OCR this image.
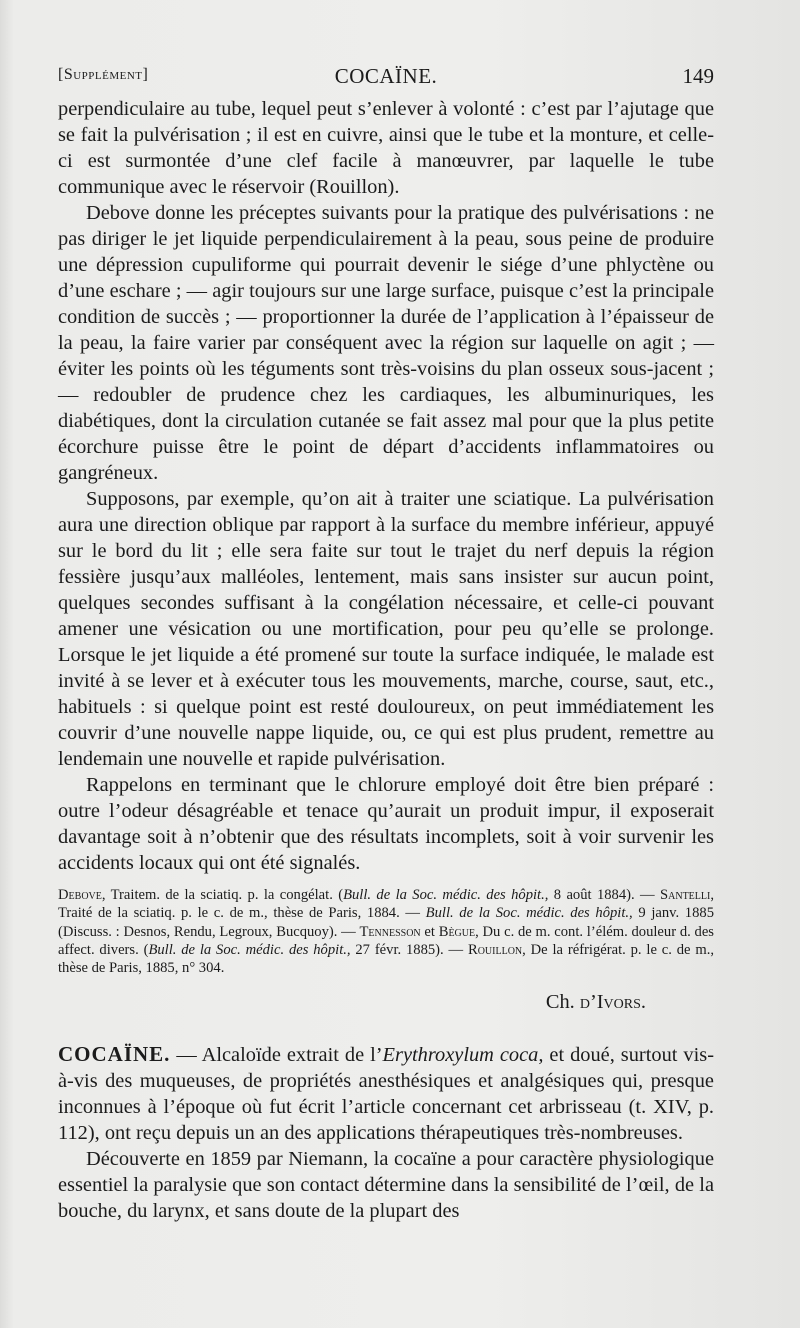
[Supplément]	COCAÏNE.	149

perpendiculaire au tube, lequel peut s’enlever à volonté : c’est par l’ajutage que se fait la pulvérisation ; il est en cuivre, ainsi que le tube et la monture, et celle-ci est surmontée d’une clef facile à manœuvrer, par laquelle le tube communique avec le réservoir (Rouillon).

Debove donne les préceptes suivants pour la pratique des pulvérisations : ne pas diriger le jet liquide perpendiculairement à la peau, sous peine de produire une dépression cupuliforme qui pourrait devenir le siége d’une phlyctène ou d’une eschare ; — agir toujours sur une large surface, puisque c’est la principale condition de succès ; — proportionner la durée de l’application à l’épaisseur de la peau, la faire varier par conséquent avec la région sur laquelle on agit ; — éviter les points où les téguments sont très-voisins du plan osseux sous-jacent ; — redoubler de prudence chez les cardiaques, les albuminuriques, les diabétiques, dont la circulation cutanée se fait assez mal pour que la plus petite écorchure puisse être le point de départ d’accidents inflammatoires ou gangréneux.

Supposons, par exemple, qu’on ait à traiter une sciatique. La pulvérisation aura une direction oblique par rapport à la surface du membre inférieur, appuyé sur le bord du lit ; elle sera faite sur tout le trajet du nerf depuis la région fessière jusqu’aux malléoles, lentement, mais sans insister sur aucun point, quelques secondes suffisant à la congélation nécessaire, et celle-ci pouvant amener une vésication ou une mortification, pour peu qu’elle se prolonge. Lorsque le jet liquide a été promené sur toute la surface indiquée, le malade est invité à se lever et à exécuter tous les mouvements, marche, course, saut, etc., habituels : si quelque point est resté douloureux, on peut immédiatement les couvrir d’une nouvelle nappe liquide, ou, ce qui est plus prudent, remettre au lendemain une nouvelle et rapide pulvérisation.

Rappelons en terminant que le chlorure employé doit être bien préparé : outre l’odeur désagréable et tenace qu’aurait un produit impur, il exposerait davantage soit à n’obtenir que des résultats incomplets, soit à voir survenir les accidents locaux qui ont été signalés.

Debove, Traitem. de la sciatiq. p. la congélat. (Bull. de la Soc. médic. des hôpit., 8 août 1884). — Santelli, Traité de la sciatiq. p. le c. de m., thèse de Paris, 1884. — Bull. de la Soc. médic. des hôpit., 9 janv. 1885 (Discuss. : Desnos, Rendu, Legroux, Bucquoy). — Tennesson et Bègue, Du c. de m. cont. l’élém. douleur d. des affect. divers. (Bull. de la Soc. médic. des hôpit., 27 févr. 1885). — Rouillon, De la réfrigérat. p. le c. de m., thèse de Paris, 1885, n° 304.

Ch. d’Ivors.

COCAÏNE. — Alcaloïde extrait de l’Erythroxylum coca, et doué, surtout vis-à-vis des muqueuses, de propriétés anesthésiques et analgésiques qui, presque inconnues à l’époque où fut écrit l’article concernant cet arbrisseau (t. XIV, p. 112), ont reçu depuis un an des applications thérapeutiques très-nombreuses.

Découverte en 1859 par Niemann, la cocaïne a pour caractère physiologique essentiel la paralysie que son contact détermine dans la sensibilité de l’œil, de la bouche, du larynx, et sans doute de la plupart des
